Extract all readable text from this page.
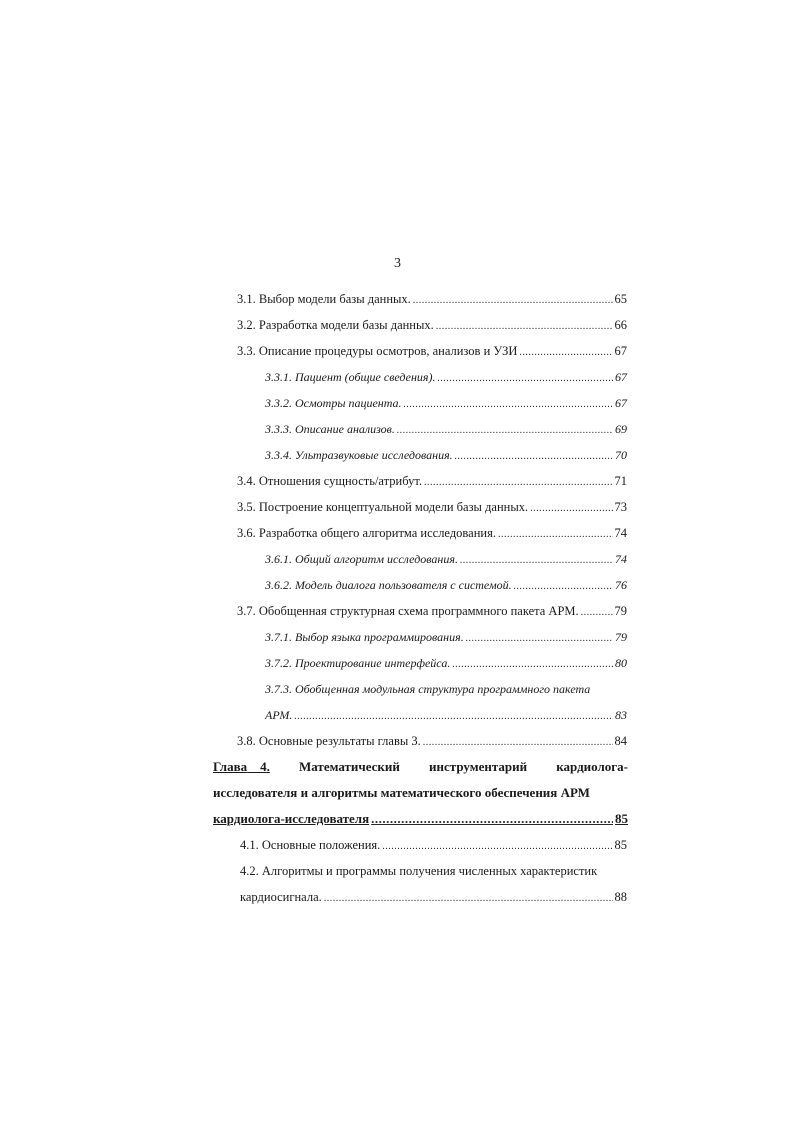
3
3.1. Выбор модели базы данных. .....	65
3.2. Разработка модели базы данных. .....	66
3.3. Описание процедуры осмотров, анализов и УЗИ .....	67
3.3.1. Пациент (общие сведения). .....	67
3.3.2. Осмотры пациента. .....	67
3.3.3. Описание анализов. .....	69
3.3.4. Ультразвуковые исследования. .....	70
3.4. Отношения сущность/атрибут. .....	71
3.5. Построение концептуальной модели базы данных. .....	73
3.6. Разработка общего алгоритма исследования. .....	74
3.6.1. Общий алгоритм исследования. .....	74
3.6.2. Модель диалога пользователя с системой. .....	76
3.7. Обобщенная структурная схема программного пакета АРМ. .....	79
3.7.1. Выбор языка программирования. .....	79
3.7.2. Проектирование интерфейса. .....	80
3.7.3. Обобщенная модульная структура программного пакета
АРМ. .....	83
3.8. Основные результаты главы 3. .....	84
Глава 4. Математический инструментарий кардиолога-
исследователя и алгоритмы математического обеспечения АРМ
кардиолога-исследователя .....	85
4.1. Основные положения. .....	85
4.2. Алгоритмы и программы получения численных характеристик
кардиосигнала. .....	88
